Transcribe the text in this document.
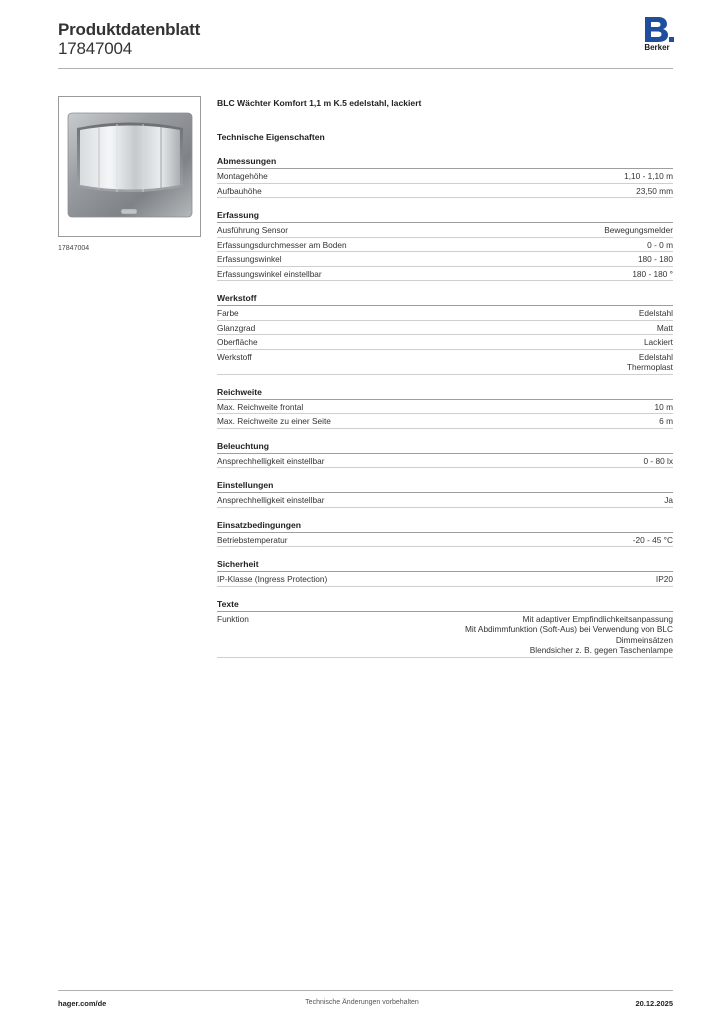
Produktdatenblatt
17847004	Berker
17847004
BLC Wächter Komfort 1,1 m K.5 edelstahl, lackiert
Technische Eigenschaften
Abmessungen
Montagehöhe	1,10 - 1,10 m
Aufbauhöhe	23,50 mm
Erfassung
Ausführung Sensor	Bewegungsmelder
Erfassungsdurchmesser am Boden	0 - 0 m
Erfassungswinkel	180 - 180
Erfassungswinkel einstellbar	180 - 180 °
Werkstoff
Farbe	Edelstahl
Glanzgrad	Matt
Oberfläche	Lackiert
Werkstoff	Edelstahl
Thermoplast
Reichweite
Max. Reichweite frontal	10 m
Max. Reichweite zu einer Seite	6 m
Beleuchtung
Ansprechhelligkeit einstellbar	0 - 80 lx
Einstellungen
Ansprechhelligkeit einstellbar	Ja
Einsatzbedingungen
Betriebstemperatur	-20 - 45 °C
Sicherheit
IP-Klasse (Ingress Protection)	IP20
Texte
Funktion	Mit adaptiver Empfindlichkeitsanpassung
Mit Abdimmfunktion (Soft-Aus) bei Verwendung von BLC
Dimmeinsätzen
Blendsicher z. B. gegen Taschenlampe
hager.com/de	Technische Änderungen vorbehalten	20.12.2025
